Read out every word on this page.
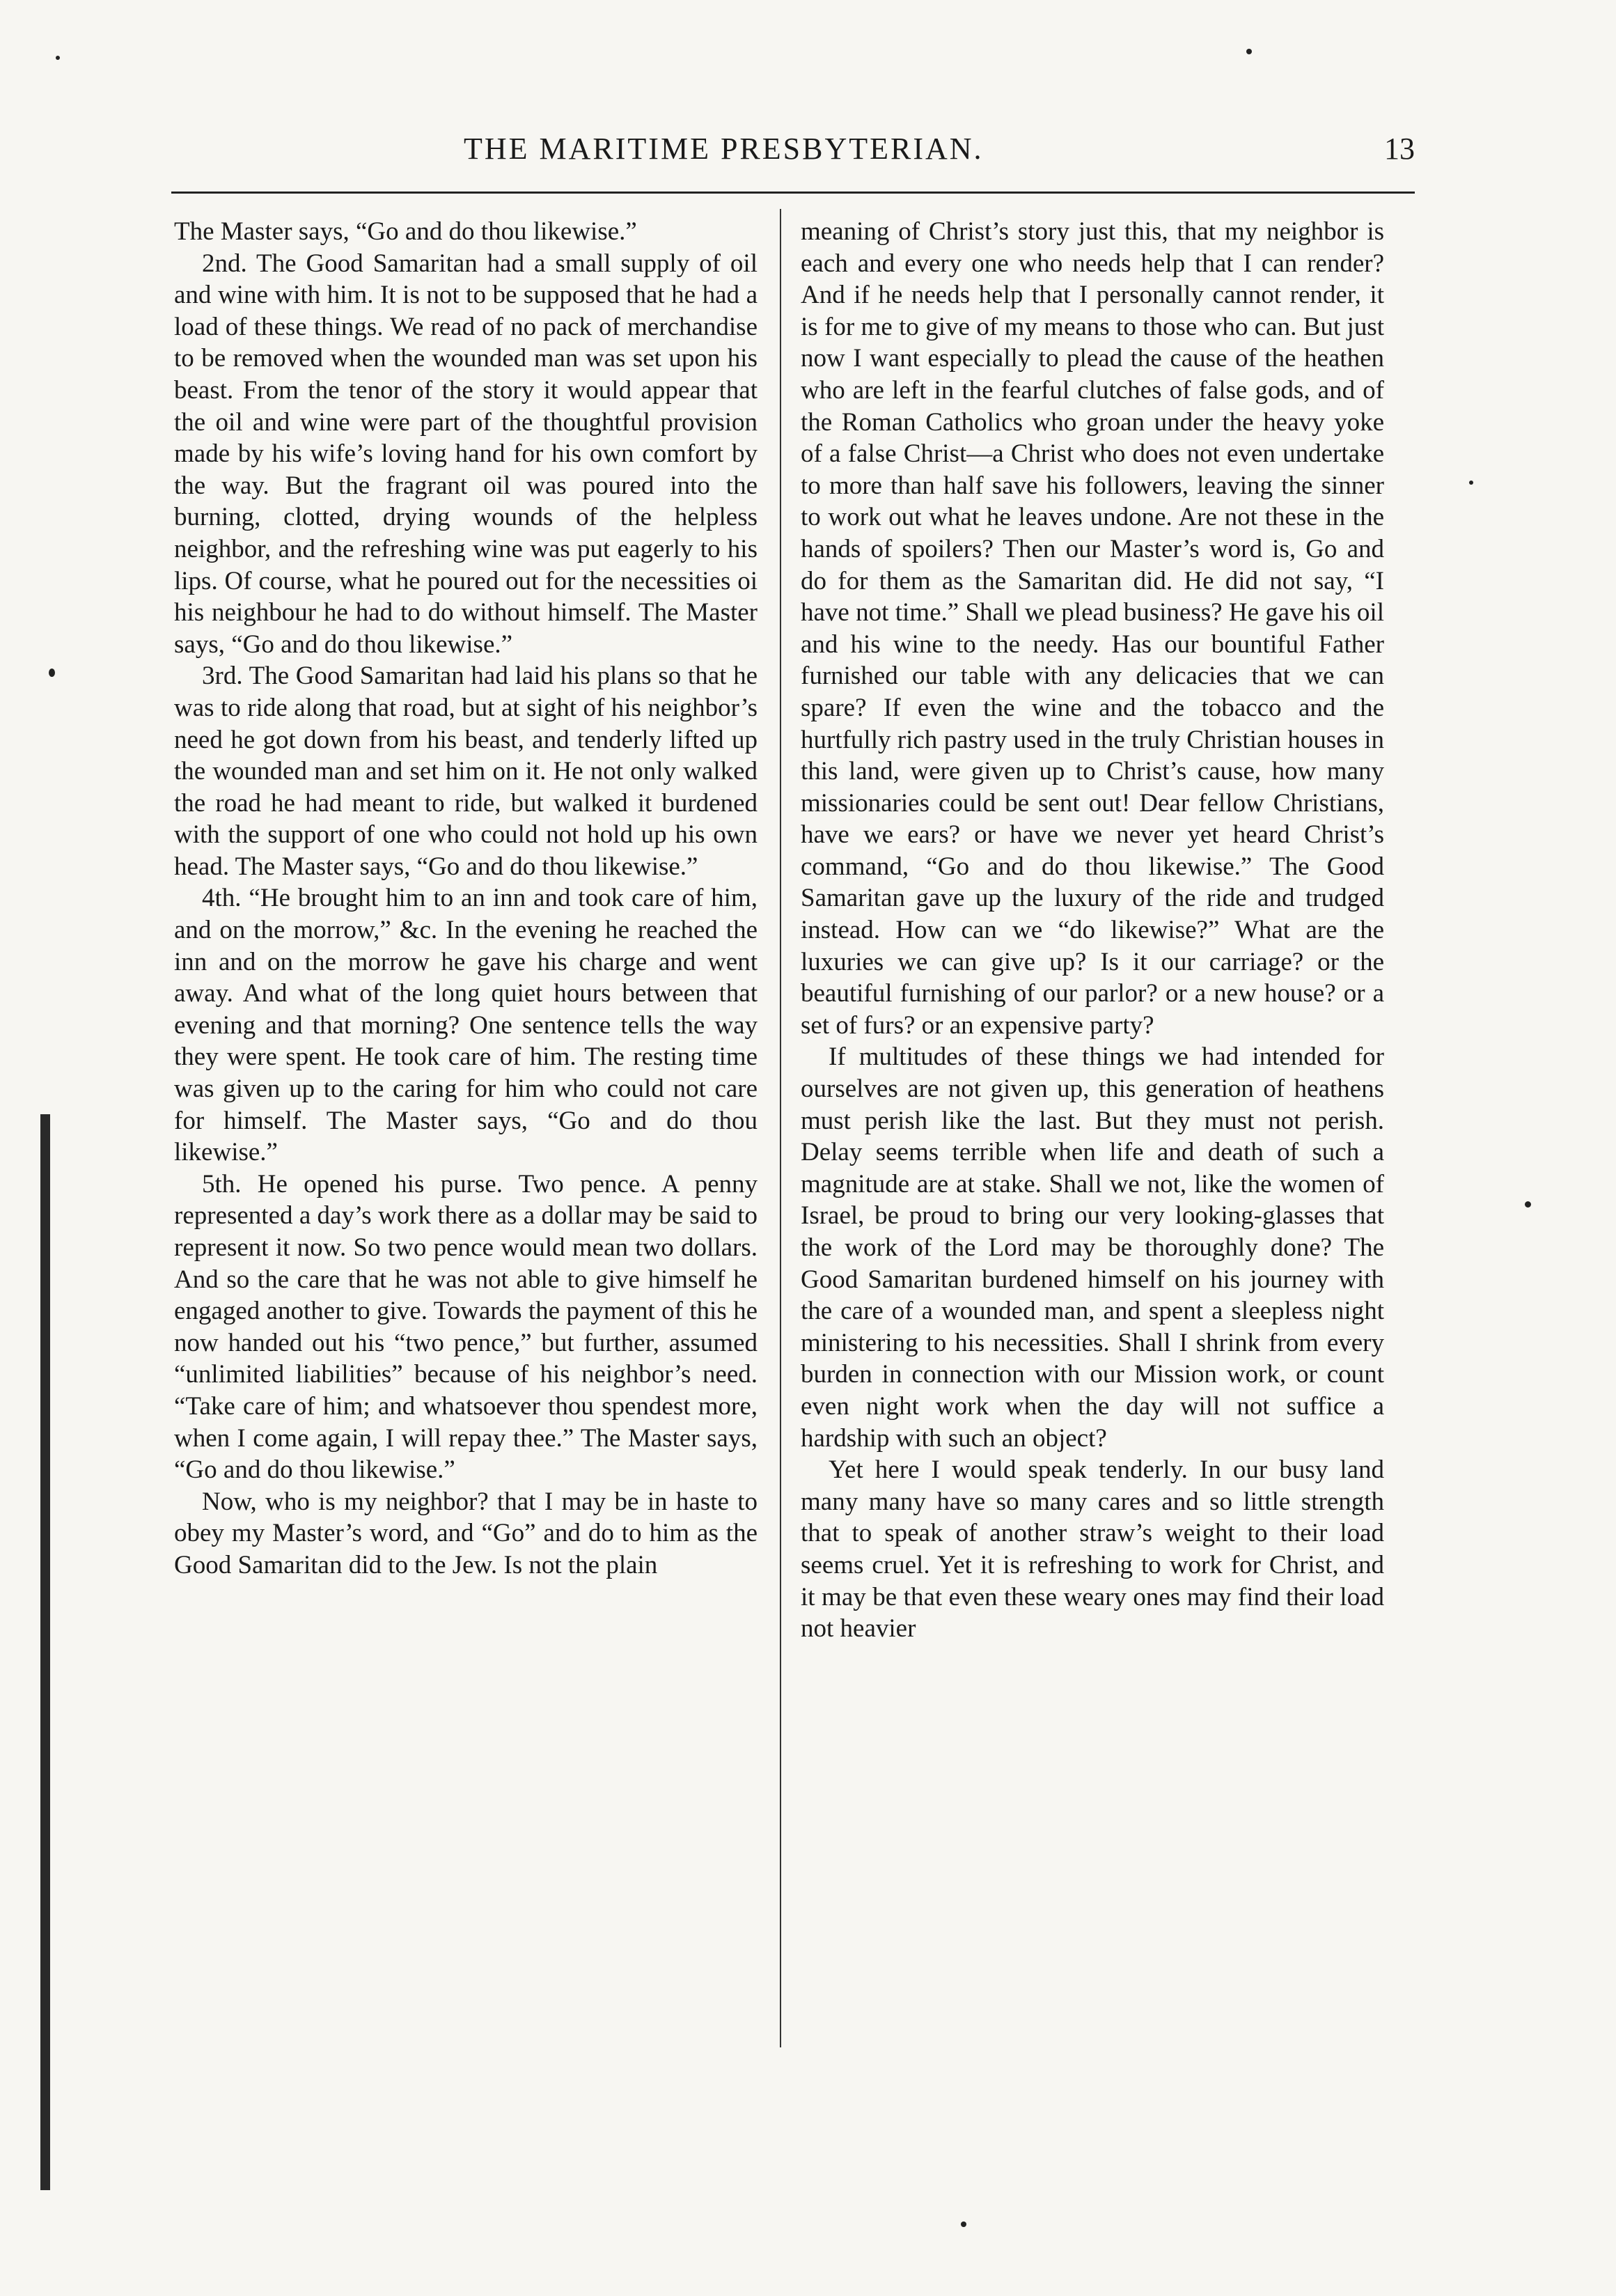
THE MARITIME PRESBYTERIAN.	13

The Master says, “Go and do thou likewise.”

2nd. The Good Samaritan had a small supply of oil and wine with him. It is not to be supposed that he had a load of these things. We read of no pack of merchandise to be removed when the wounded man was set upon his beast. From the tenor of the story it would appear that the oil and wine were part of the thoughtful provision made by his wife’s loving hand for his own comfort by the way. But the fragrant oil was poured into the burning, clotted, drying wounds of the helpless neighbor, and the refreshing wine was put eagerly to his lips. Of course, what he poured out for the necessities oi his neighbour he had to do without himself. The Master says, “Go and do thou likewise.”

3rd. The Good Samaritan had laid his plans so that he was to ride along that road, but at sight of his neighbor’s need he got down from his beast, and tenderly lifted up the wounded man and set him on it. He not only walked the road he had meant to ride, but walked it burdened with the support of one who could not hold up his own head. The Master says, “Go and do thou likewise.”

4th. “He brought him to an inn and took care of him, and on the morrow,” &c. In the evening he reached the inn and on the morrow he gave his charge and went away. And what of the long quiet hours between that evening and that morning? One sentence tells the way they were spent. He took care of him. The resting time was given up to the caring for him who could not care for himself. The Master says, “Go and do thou likewise.”

5th. He opened his purse. Two pence. A penny represented a day’s work there as a dollar may be said to represent it now. So two pence would mean two dollars. And so the care that he was not able to give himself he engaged another to give. Towards the payment of this he now handed out his “two pence,” but further, assumed “unlimited liabilities” because of his neighbor’s need. “Take care of him; and whatsoever thou spendest more, when I come again, I will repay thee.” The Master says, “Go and do thou likewise.”

Now, who is my neighbor? that I may be in haste to obey my Master’s word, and “Go” and do to him as the Good Samaritan did to the Jew. Is not the plain

meaning of Christ’s story just this, that my neighbor is each and every one who needs help that I can render? And if he needs help that I personally cannot render, it is for me to give of my means to those who can. But just now I want especially to plead the cause of the heathen who are left in the fearful clutches of false gods, and of the Roman Catholics who groan under the heavy yoke of a false Christ—a Christ who does not even undertake to more than half save his followers, leaving the sinner to work out what he leaves undone. Are not these in the hands of spoilers? Then our Master’s word is, Go and do for them as the Samaritan did. He did not say, “I have not time.” Shall we plead business? He gave his oil and his wine to the needy. Has our bountiful Father furnished our table with any delicacies that we can spare? If even the wine and the tobacco and the hurtfully rich pastry used in the truly Christian houses in this land, were given up to Christ’s cause, how many missionaries could be sent out! Dear fellow Christians, have we ears? or have we never yet heard Christ’s command, “Go and do thou likewise.” The Good Samaritan gave up the luxury of the ride and trudged instead. How can we “do likewise?” What are the luxuries we can give up? Is it our carriage? or the beautiful furnishing of our parlor? or a new house? or a set of furs? or an expensive party?

If multitudes of these things we had intended for ourselves are not given up, this generation of heathens must perish like the last. But they must not perish. Delay seems terrible when life and death of such a magnitude are at stake. Shall we not, like the women of Israel, be proud to bring our very looking-glasses that the work of the Lord may be thoroughly done? The Good Samaritan burdened himself on his journey with the care of a wounded man, and spent a sleepless night ministering to his necessities. Shall I shrink from every burden in connection with our Mission work, or count even night work when the day will not suffice a hardship with such an object?

Yet here I would speak tenderly. In our busy land many many have so many cares and so little strength that to speak of another straw’s weight to their load seems cruel. Yet it is refreshing to work for Christ, and it may be that even these weary ones may find their load not heavier
